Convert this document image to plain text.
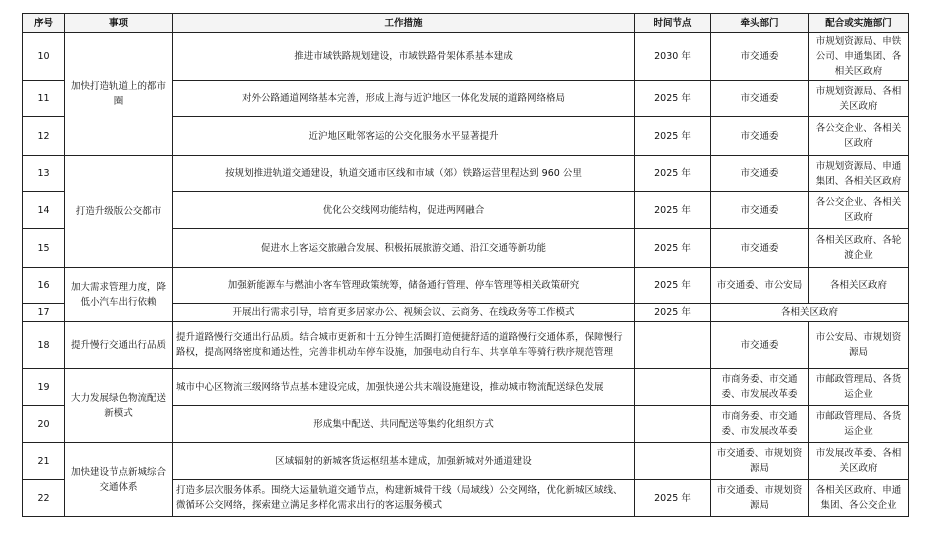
序号	事项	工作措施	时间节点	牵头部门	配合或实施部门
10	加快打造轨道上的都市圈	推进市域铁路规划建设，市域铁路骨架体系基本建成	2030 年	市交通委	市规划资源局、申铁公司、申通集团、各相关区政府
11		对外公路通道网络基本完善，形成上海与近沪地区一体化发展的道路网络格局	2025 年	市交通委	市规划资源局、各相关区政府
12		近沪地区毗邻客运的公交化服务水平显著提升	2025 年	市交通委	各公交企业、各相关区政府
13	打造升级版公交都市	按规划推进轨道交通建设，轨道交通市区线和市域（郊）铁路运营里程达到 960 公里	2025 年	市交通委	市规划资源局、申通集团、各相关区政府
14		优化公交线网功能结构，促进两网融合	2025 年	市交通委	各公交企业、各相关区政府
15		促进水上客运交旅融合发展、积极拓展旅游交通、沿江交通等新功能	2025 年	市交通委	各相关区政府、各轮渡企业
16	加大需求管理力度，降低小汽车出行依赖	加强新能源车与燃油小客车管理政策统筹，储备通行管理、停车管理等相关政策研究	2025 年	市交通委、市公安局	各相关区政府
17		开展出行需求引导，培育更多居家办公、视频会议、云商务、在线政务等工作模式	2025 年	各相关区政府	
18	提升慢行交通出行品质	提升道路慢行交通出行品质。结合城市更新和十五分钟生活圈打造便捷舒适的道路慢行交通体系，保障慢行路权，提高网络密度和通达性，完善非机动车停车设施，加强电动自行车、共享单车等骑行秩序规范管理		市交通委	市公安局、市规划资源局
19	大力发展绿色物流配送新模式	城市中心区物流三级网络节点基本建设完成，加强快递公共末端设施建设，推动城市物流配送绿色发展		市商务委、市交通委、市发展改革委	市邮政管理局、各货运企业
20		形成集中配送、共同配送等集约化组织方式		市商务委、市交通委、市发展改革委	市邮政管理局、各货运企业
21	加快建设节点新城综合交通体系	区域辐射的新城客货运枢纽基本建成，加强新城对外通道建设		市交通委、市规划资源局	市发展改革委、各相关区政府
22		打造多层次服务体系。围绕大运量轨道交通节点，构建新城骨干线（局域线）公交网络，优化新城区域线、微循环公交网络，探索建立满足多样化需求出行的客运服务模式	2025 年	市交通委、市规划资源局	各相关区政府、申通集团、各公交企业
